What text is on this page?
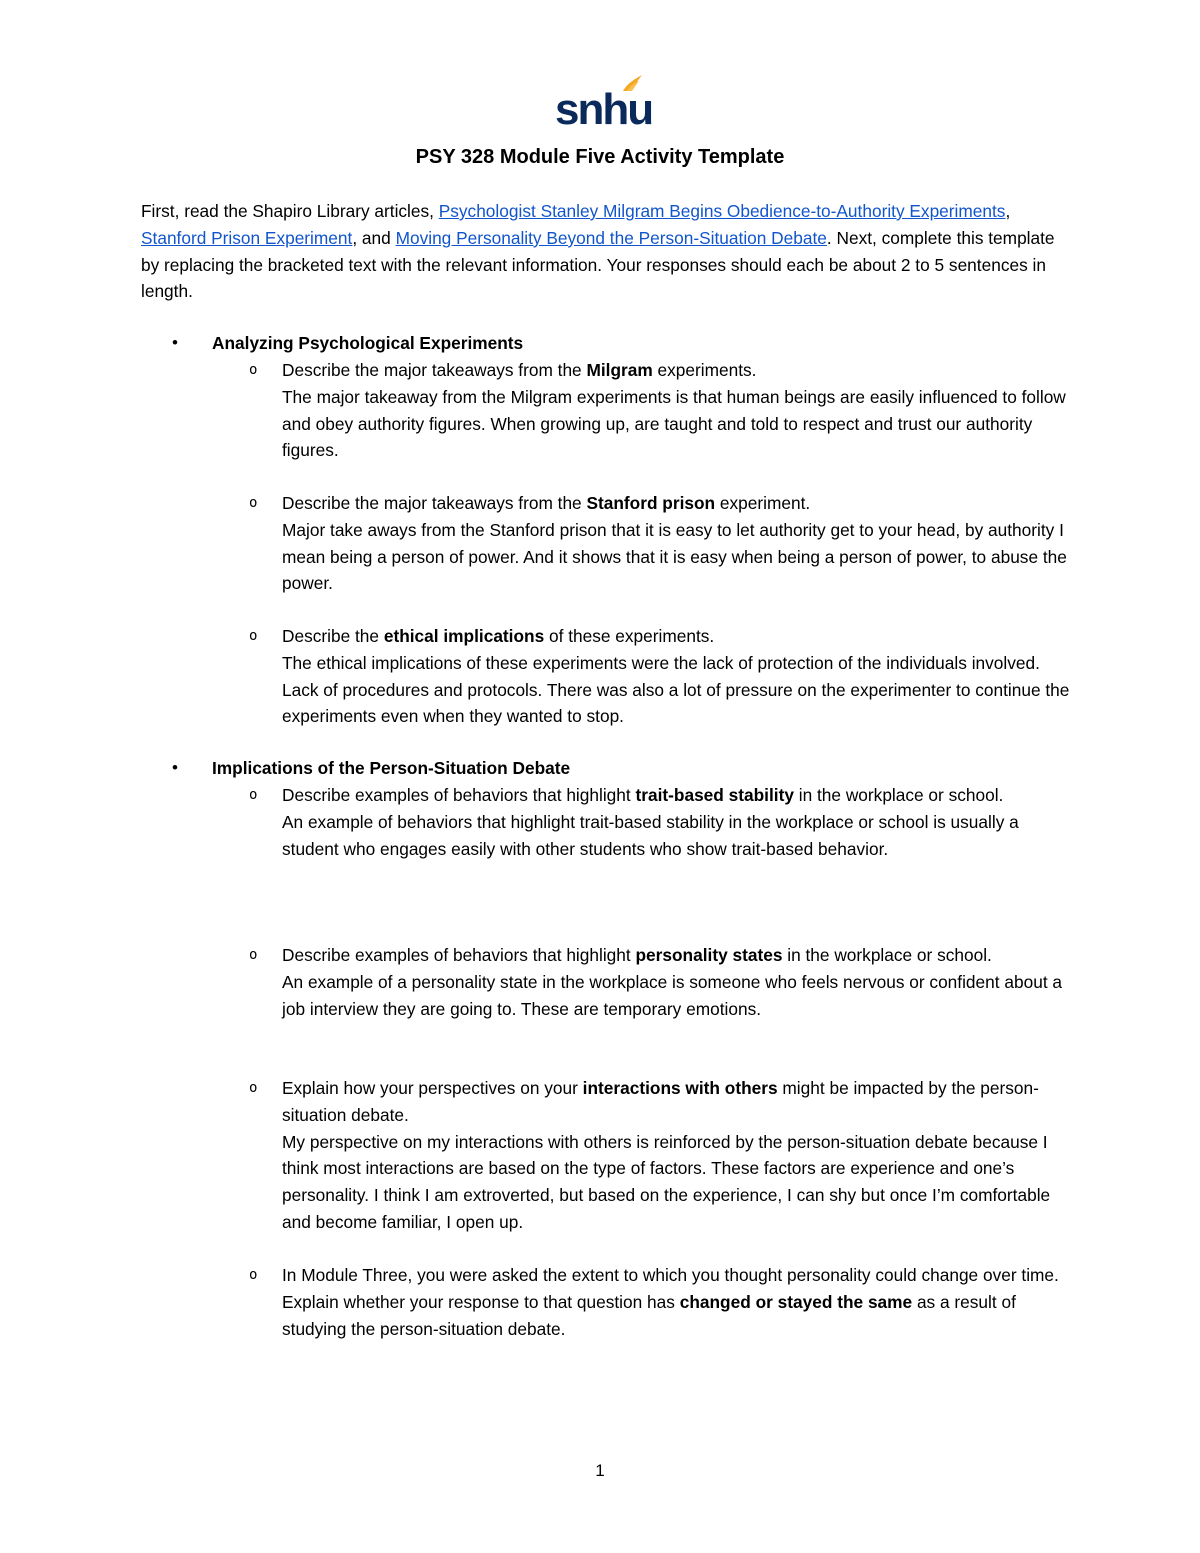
snhu
PSY 328 Module Five Activity Template
First, read the Shapiro Library articles, Psychologist Stanley Milgram Begins Obedience-to-Authority Experiments, Stanford Prison Experiment, and Moving Personality Beyond the Person-Situation Debate. Next, complete this template by replacing the bracketed text with the relevant information. Your responses should each be about 2 to 5 sentences in length.
• Analyzing Psychological Experiments
o Describe the major takeaways from the Milgram experiments.
The major takeaway from the Milgram experiments is that human beings are easily influenced to follow and obey authority figures. When growing up, are taught and told to respect and trust our authority figures.
o Describe the major takeaways from the Stanford prison experiment.
Major take aways from the Stanford prison that it is easy to let authority get to your head, by authority I mean being a person of power. And it shows that it is easy when being a person of power, to abuse the power.
o Describe the ethical implications of these experiments.
The ethical implications of these experiments were the lack of protection of the individuals involved. Lack of procedures and protocols. There was also a lot of pressure on the experimenter to continue the experiments even when they wanted to stop.
• Implications of the Person-Situation Debate
o Describe examples of behaviors that highlight trait-based stability in the workplace or school.
An example of behaviors that highlight trait-based stability in the workplace or school is usually a student who engages easily with other students who show trait-based behavior.
o Describe examples of behaviors that highlight personality states in the workplace or school.
An example of a personality state in the workplace is someone who feels nervous or confident about a job interview they are going to. These are temporary emotions.
o Explain how your perspectives on your interactions with others might be impacted by the person-situation debate.
My perspective on my interactions with others is reinforced by the person-situation debate because I think most interactions are based on the type of factors. These factors are experience and one’s personality. I think I am extroverted, but based on the experience, I can shy but once I’m comfortable and become familiar, I open up.
o In Module Three, you were asked the extent to which you thought personality could change over time. Explain whether your response to that question has changed or stayed the same as a result of studying the person-situation debate.
1
